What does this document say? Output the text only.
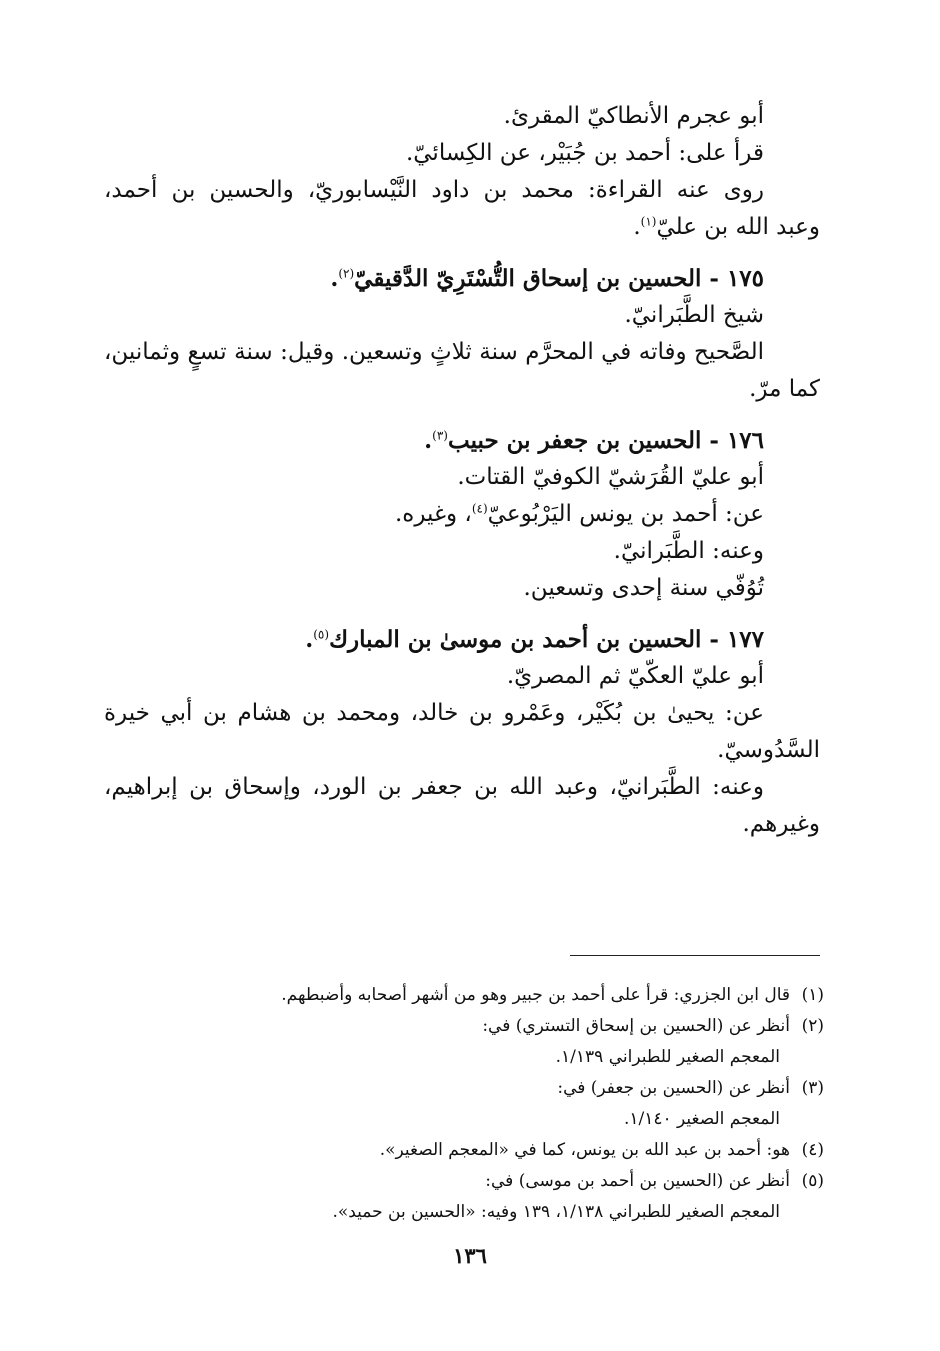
أبو عجرم الأنطاكيّ المقرئ.
قرأ على: أحمد بن جُبَيْر، عن الكِسائيّ.
روى عنه القراءة: محمد بن داود النَّيْسابوريّ، والحسين بن أحمد،
وعبد الله بن عليّ$^{(١)}$.
١٧٥ - الحسين بن إسحاق التُّسْتَرِيّ الدَّقيقيّ$^{(٢)}$.
شيخ الطَّبَرانيّ.
الصَّحيح وفاته في المحرَّم سنة ثلاثٍ وتسعين. وقيل: سنة تسعٍ وثمانين،
كما مرّ.
١٧٦ - الحسين بن جعفر بن حبيب$^{(٣)}$.
أبو عليّ القُرَشيّ الكوفيّ القتات.
عن: أحمد بن يونس اليَرْبُوعيّ$^{(٤)}$، وغيره.
وعنه: الطَّبَرانيّ.
تُوُفّي سنة إحدى وتسعين.
١٧٧ - الحسين بن أحمد بن موسىٰ بن المبارك$^{(٥)}$.
أبو عليّ العكّيّ ثم المصريّ.
عن: يحيىٰ بن بُكَيْر، وعَمْرو بن خالد، ومحمد بن هشام بن أبي خيرة
السَّدُوسيّ.
وعنه: الطَّبَرانيّ، وعبد الله بن جعفر بن الورد، وإسحاق بن إبراهيم،
وغيرهم.
(١)قال ابن الجزري: قرأ على أحمد بن جبير وهو من أشهر أصحابه وأضبطهم.
(٢)أنظر عن (الحسين بن إسحاق التستري) في:
المعجم الصغير للطبراني ١/١٣٩.
(٣)أنظر عن (الحسين بن جعفر) في:
المعجم الصغير ١/١٤٠.
(٤)هو: أحمد بن عبد الله بن يونس، كما في «المعجم الصغير».
(٥)أنظر عن (الحسين بن أحمد بن موسى) في:
المعجم الصغير للطبراني ١/١٣٨، ١٣٩ وفيه: «الحسين بن حميد».
١٣٦
